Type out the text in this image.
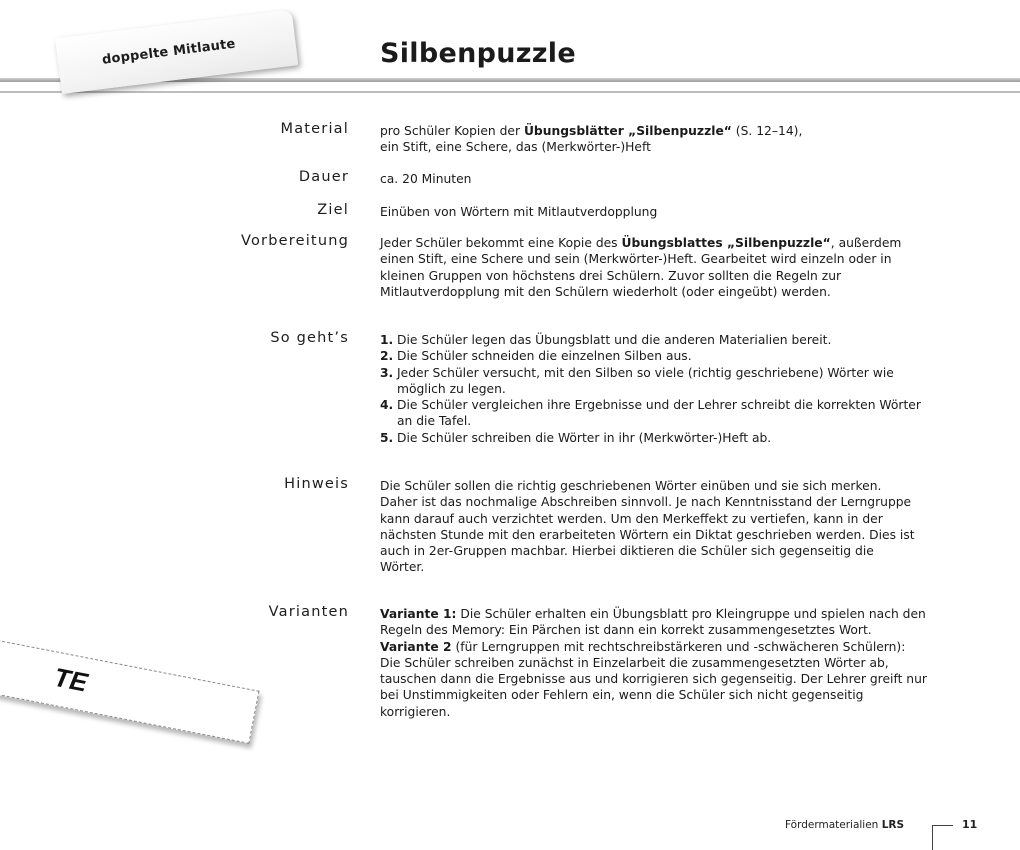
doppelte Mitlaute	Silbenpuzzle
Material	pro Schüler Kopien der Übungsblätter „Silbenpuzzle“ (S. 12–14),
ein Stift, eine Schere, das (Merkwörter-)Heft

Dauer	ca. 20 Minuten

Ziel	Einüben von Wörtern mit Mitlautverdopplung

Vorbereitung	Jeder Schüler bekommt eine Kopie des Übungsblattes „Silbenpuzzle“, außerdem einen Stift, eine Schere und sein (Merkwörter-)Heft. Gearbeitet wird einzeln oder in kleinen Gruppen von höchstens drei Schülern. Zuvor sollten die Regeln zur Mitlautverdopplung mit den Schülern wiederholt (oder eingeübt) werden.

So geht’s	1. Die Schüler legen das Übungsblatt und die anderen Materialien bereit.
2. Die Schüler schneiden die einzelnen Silben aus.
3. Jeder Schüler versucht, mit den Silben so viele (richtig geschriebene) Wörter wie möglich zu legen.
4. Die Schüler vergleichen ihre Ergebnisse und der Lehrer schreibt die korrekten Wörter an die Tafel.
5. Die Schüler schreiben die Wörter in ihr (Merkwörter-)Heft ab.
Hinweis	Die Schüler sollen die richtig geschriebenen Wörter einüben und sie sich merken. Daher ist das nochmalige Abschreiben sinnvoll. Je nach Kenntnisstand der Lerngruppe kann darauf auch verzichtet werden. Um den Merkeffekt zu vertiefen, kann in der nächsten Stunde mit den erarbeiteten Wörtern ein Diktat geschrieben werden. Dies ist auch in 2er-Gruppen machbar. Hierbei diktieren die Schüler sich gegenseitig die Wörter.

Varianten	Variante 1: Die Schüler erhalten ein Übungsblatt pro Kleingruppe und spielen nach den Regeln des Memory: Ein Pärchen ist dann ein korrekt zusammengesetztes Wort.

Variante 2 (für Lerngruppen mit rechtschreibstärkeren und -schwächeren Schülern): Die Schüler schreiben zunächst in Einzelarbeit die zusammengesetzten Wörter ab, tauschen dann die Ergebnisse aus und korrigieren sich gegenseitig. Der Lehrer greift nur bei Unstimmigkeiten oder Fehlern ein, wenn die Schüler sich nicht gegenseitig korrigieren.

TE
Fördermaterialien LRS	11
